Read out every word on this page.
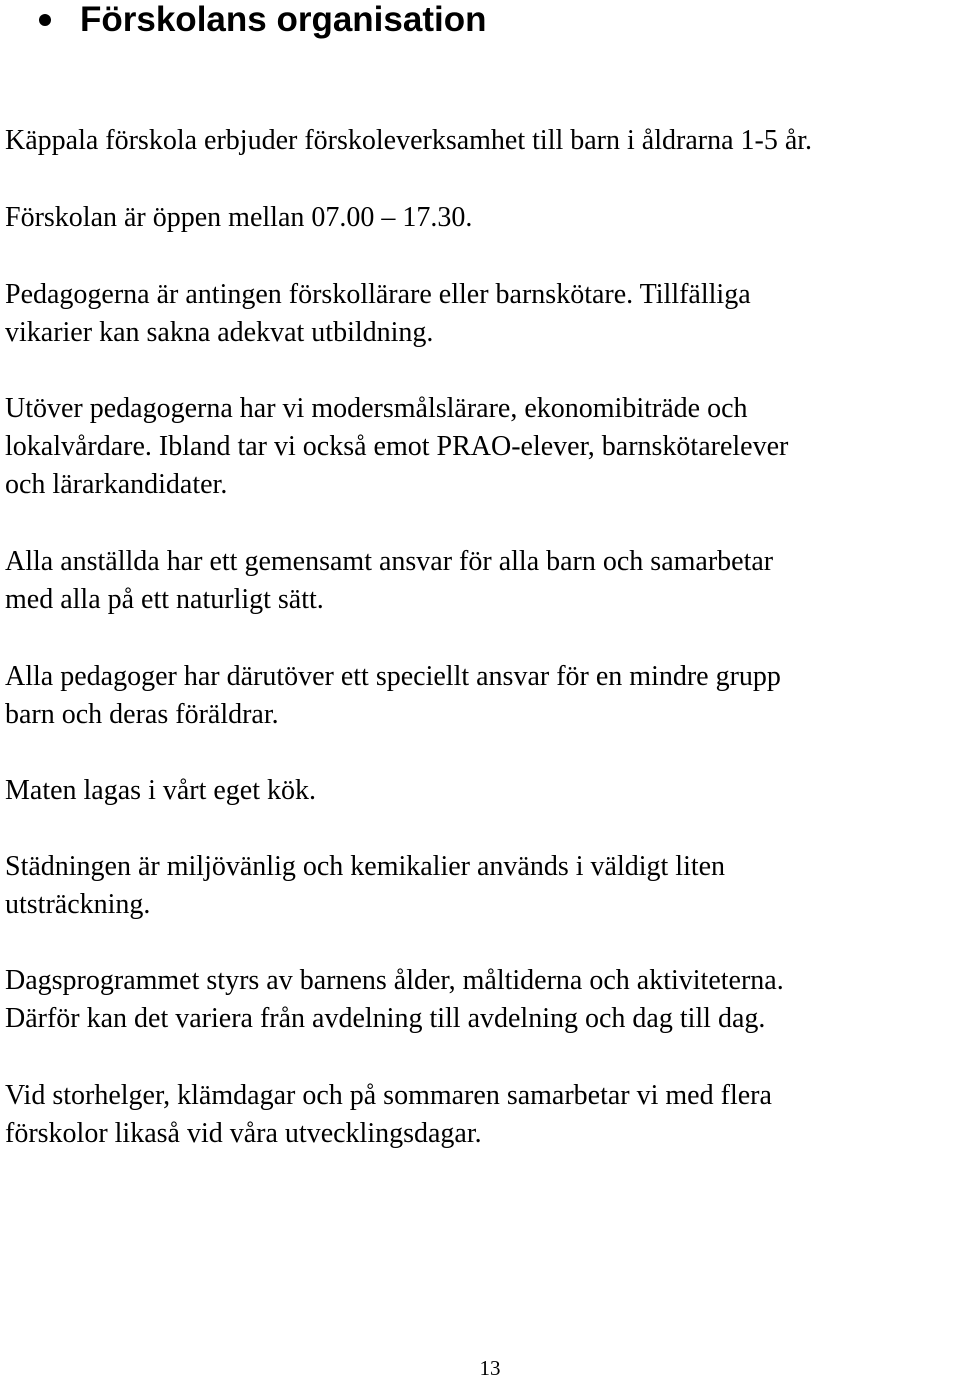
Förskolans organisation

Käppala förskola erbjuder förskoleverksamhet till barn i åldrarna 1-5 år.

Förskolan är öppen mellan 07.00 – 17.30.

Pedagogerna är antingen förskollärare eller barnskötare. Tillfälliga
vikarier kan sakna adekvat utbildning.

Utöver pedagogerna har vi modersmålslärare, ekonomibiträde och
lokalvårdare. Ibland tar vi också emot PRAO-elever, barnskötarelever
och lärarkandidater.

Alla anställda har ett gemensamt ansvar för alla barn och samarbetar
med alla på ett naturligt sätt.

Alla pedagoger har därutöver ett speciellt ansvar för en mindre grupp
barn och deras föräldrar.

Maten lagas i vårt eget kök.

Städningen är miljövänlig och kemikalier används i väldigt liten
utsträckning.

Dagsprogrammet styrs av barnens ålder, måltiderna och aktiviteterna.
Därför kan det variera från avdelning till avdelning och dag till dag.

Vid storhelger, klämdagar och på sommaren samarbetar vi med flera
förskolor likaså vid våra utvecklingsdagar.

13
